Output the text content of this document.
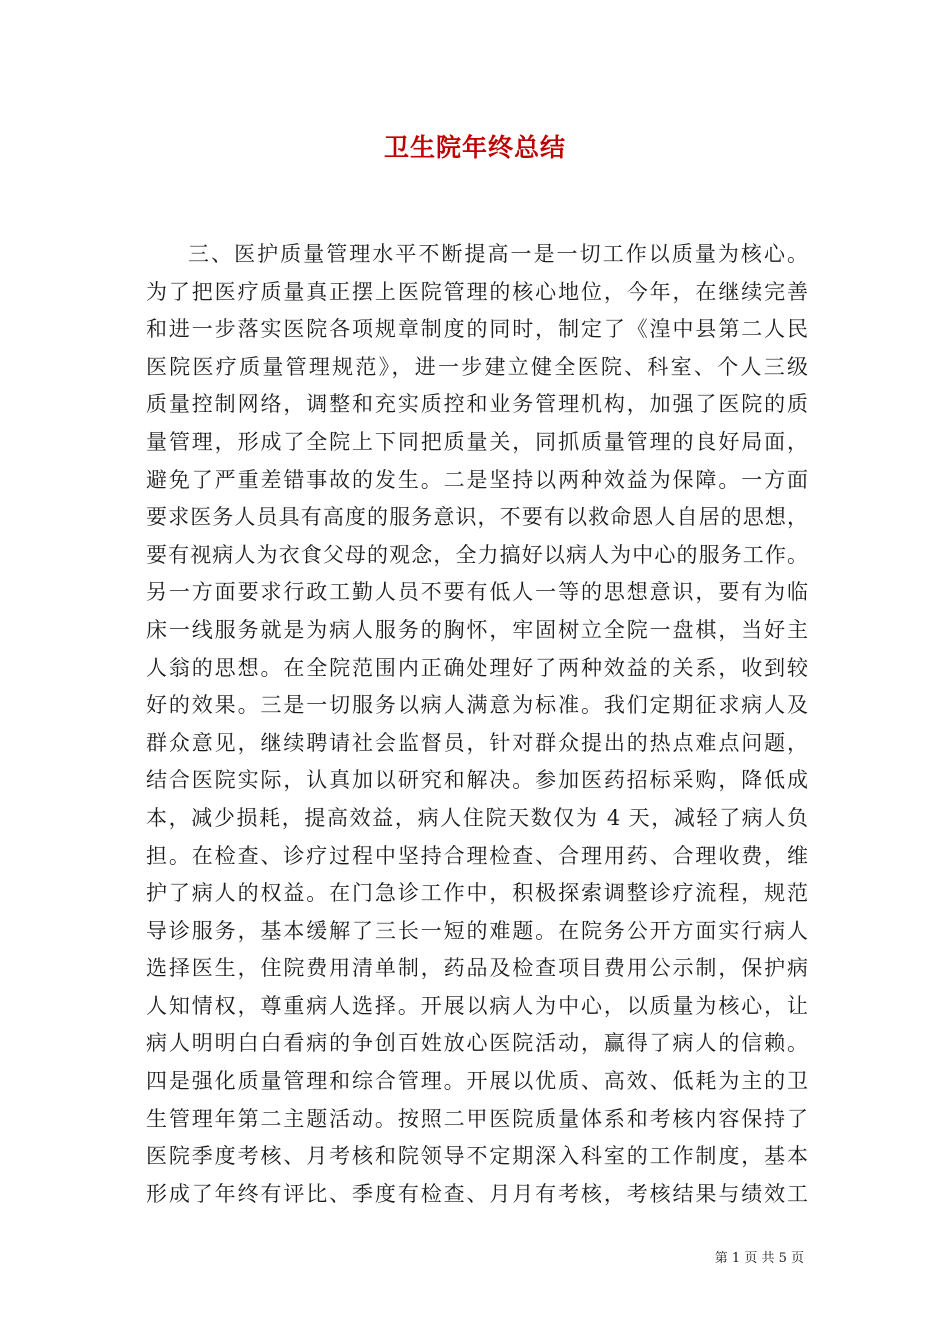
卫生院年终总结
三、医护质量管理水平不断提高一是一切工作以质量为核心。
为了把医疗质量真正摆上医院管理的核心地位，今年，在继续完善
和进一步落实医院各项规章制度的同时，制定了《湟中县第二人民
医院医疗质量管理规范》，进一步建立健全医院、科室、个人三级
质量控制网络，调整和充实质控和业务管理机构，加强了医院的质
量管理，形成了全院上下同把质量关，同抓质量管理的良好局面，
避免了严重差错事故的发生。二是坚持以两种效益为保障。一方面
要求医务人员具有高度的服务意识，不要有以救命恩人自居的思想，
要有视病人为衣食父母的观念，全力搞好以病人为中心的服务工作。
另一方面要求行政工勤人员不要有低人一等的思想意识，要有为临
床一线服务就是为病人服务的胸怀，牢固树立全院一盘棋，当好主
人翁的思想。在全院范围内正确处理好了两种效益的关系，收到较
好的效果。三是一切服务以病人满意为标准。我们定期征求病人及
群众意见，继续聘请社会监督员，针对群众提出的热点难点问题，
结合医院实际，认真加以研究和解决。参加医药招标采购，降低成
本，减少损耗，提高效益，病人住院天数仅为 4 天，减轻了病人负
担。在检查、诊疗过程中坚持合理检查、合理用药、合理收费，维
护了病人的权益。在门急诊工作中，积极探索调整诊疗流程，规范
导诊服务，基本缓解了三长一短的难题。在院务公开方面实行病人
选择医生，住院费用清单制，药品及检查项目费用公示制，保护病
人知情权，尊重病人选择。开展以病人为中心，以质量为核心，让
病人明明白白看病的争创百姓放心医院活动，赢得了病人的信赖。
四是强化质量管理和综合管理。开展以优质、高效、低耗为主的卫
生管理年第二主题活动。按照二甲医院质量体系和考核内容保持了
医院季度考核、月考核和院领导不定期深入科室的工作制度，基本
形成了年终有评比、季度有检查、月月有考核，考核结果与绩效工
第 1 页 共 5 页
